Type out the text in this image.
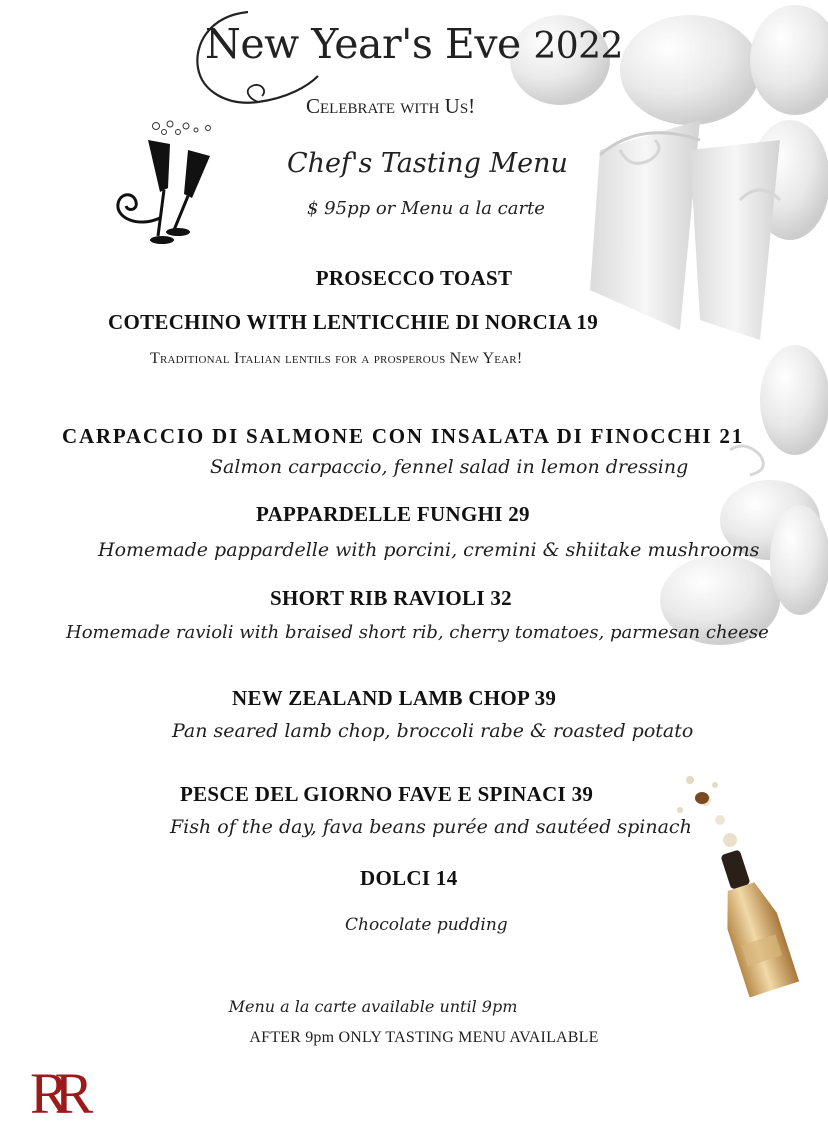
New Year's Eve 2022
Celebrate with Us!
Chef's Tasting Menu
$ 95pp or Menu a la carte
PROSECCO TOAST
COTECHINO WITH LENTICCHIE DI NORCIA 19
Traditional Italian lentils for a prosperous New Year!
CARPACCIO DI SALMONE CON INSALATA DI FINOCCHI 21
Salmon carpaccio, fennel salad in lemon dressing
PAPPARDELLE FUNGHI 29
Homemade pappardelle with porcini, cremini & shiitake mushrooms
SHORT RIB RAVIOLI 32
Homemade ravioli with braised short rib, cherry tomatoes, parmesan cheese
NEW ZEALAND LAMB CHOP 39
Pan seared lamb chop, broccoli rabe & roasted potato
PESCE DEL GIORNO FAVE E SPINACI 39
Fish of the day, fava beans purée and sautéed spinach
DOLCI 14
Chocolate pudding
Menu a la carte available until 9pm
AFTER 9pm ONLY TASTING MENU AVAILABLE
RR
